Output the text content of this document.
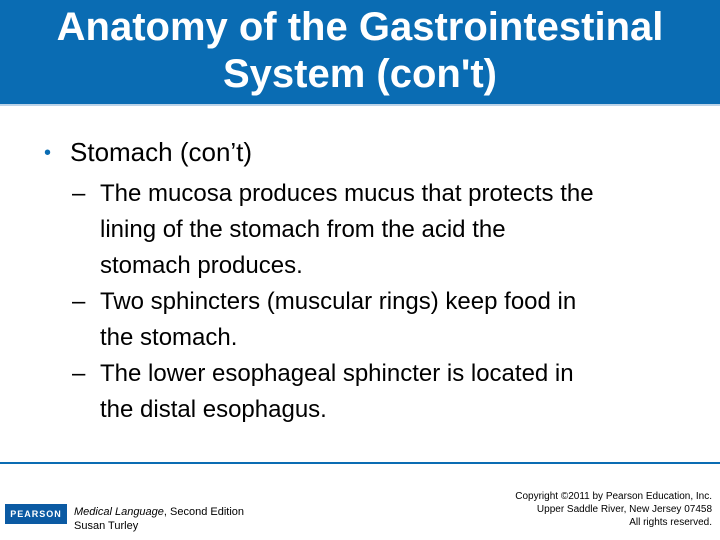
Anatomy of the Gastrointestinal
System (con't)
• Stomach (con’t)
– The mucosa produces mucus that protects the
lining of the stomach from the acid the
stomach produces.
– Two sphincters (muscular rings) keep food in
the stomach.
– The lower esophageal sphincter is located in
the distal esophagus.
PEARSON Medical Language, Second Edition
Susan Turley
Copyright ©2011 by Pearson Education, Inc.
Upper Saddle River, New Jersey 07458
All rights reserved.
